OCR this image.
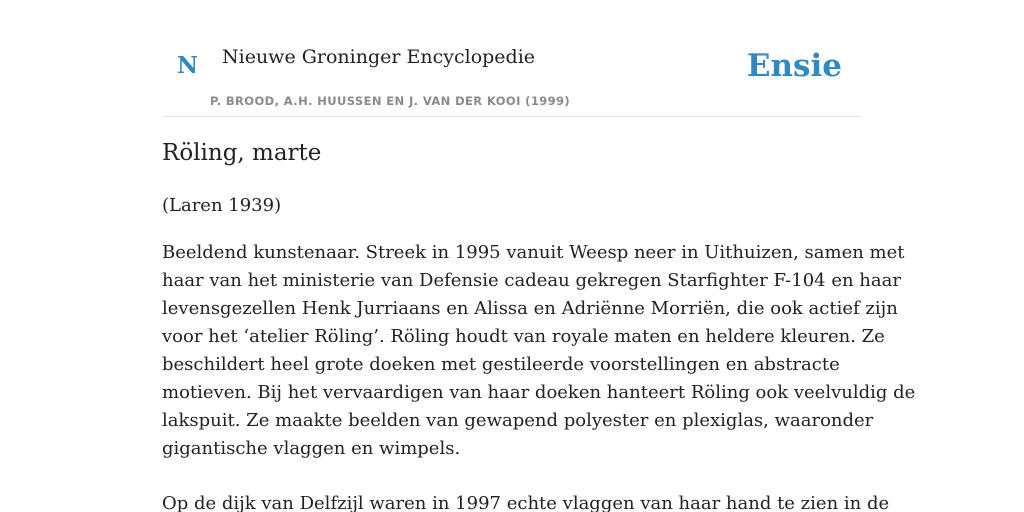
N Nieuwe Groninger Encyclopedie
P. BROOD, A.H. HUUSSEN EN J. VAN DER KOOI (1999)
Ensie
Röling, marte

(Laren 1939)

Beeldend kunstenaar. Streek in 1995 vanuit Weesp neer in Uithuizen, samen met
haar van het ministerie van Defensie cadeau gekregen Starfighter F-104 en haar
levensgezellen Henk Jurriaans en Alissa en Adriënne Morriën, die ook actief zijn
voor het ‘atelier Röling’. Röling houdt van royale maten en heldere kleuren. Ze
beschildert heel grote doeken met gestileerde voorstellingen en abstracte
motieven. Bij het vervaardigen van haar doeken hanteert Röling ook veelvuldig de
lakspuit. Ze maakte beelden van gewapend polyester en plexiglas, waaronder
gigantische vlaggen en wimpels.
Op de dijk van Delfzijl waren in 1997 echte vlaggen van haar hand te zien in de
